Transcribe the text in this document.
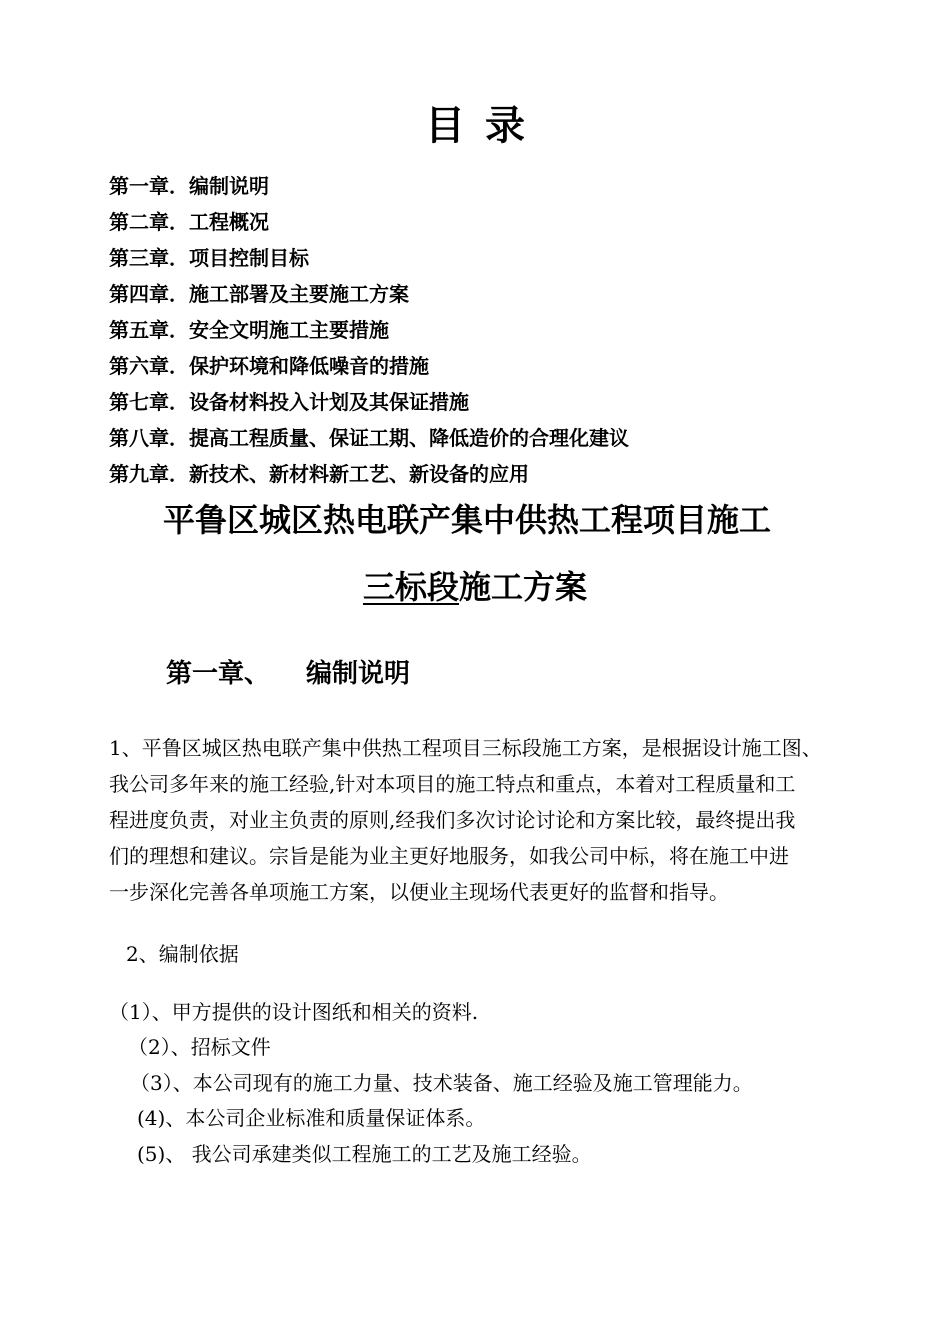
目录
第一章．编制说明
第二章．工程概况
第三章．项目控制目标
第四章．施工部署及主要施工方案
第五章．安全文明施工主要措施
第六章．保护环境和降低噪音的措施
第七章．设备材料投入计划及其保证措施
第八章．提高工程质量、保证工期、降低造价的合理化建议
第九章．新技术、新材料新工艺、新设备的应用
平鲁区城区热电联产集中供热工程项目施工
三标段施工方案
第一章、 编制说明

1、平鲁区城区热电联产集中供热工程项目三标段施工方案，是根据设计施工图、
我公司多年来的施工经验,针对本项目的施工特点和重点，本着对工程质量和工
程进度负责，对业主负责的原则,经我们多次讨论讨论和方案比较，最终提出我
们的理想和建议。宗旨是能为业主更好地服务，如我公司中标，将在施工中进
一步深化完善各单项施工方案，以便业主现场代表更好的监督和指导。

2、编制依据
（1）、甲方提供的设计图纸和相关的资料.
（2）、招标文件
（3）、本公司现有的施工力量、技术装备、施工经验及施工管理能力。
(4)、本公司企业标准和质量保证体系。
(5)、 我公司承建类似工程施工的工艺及施工经验。
